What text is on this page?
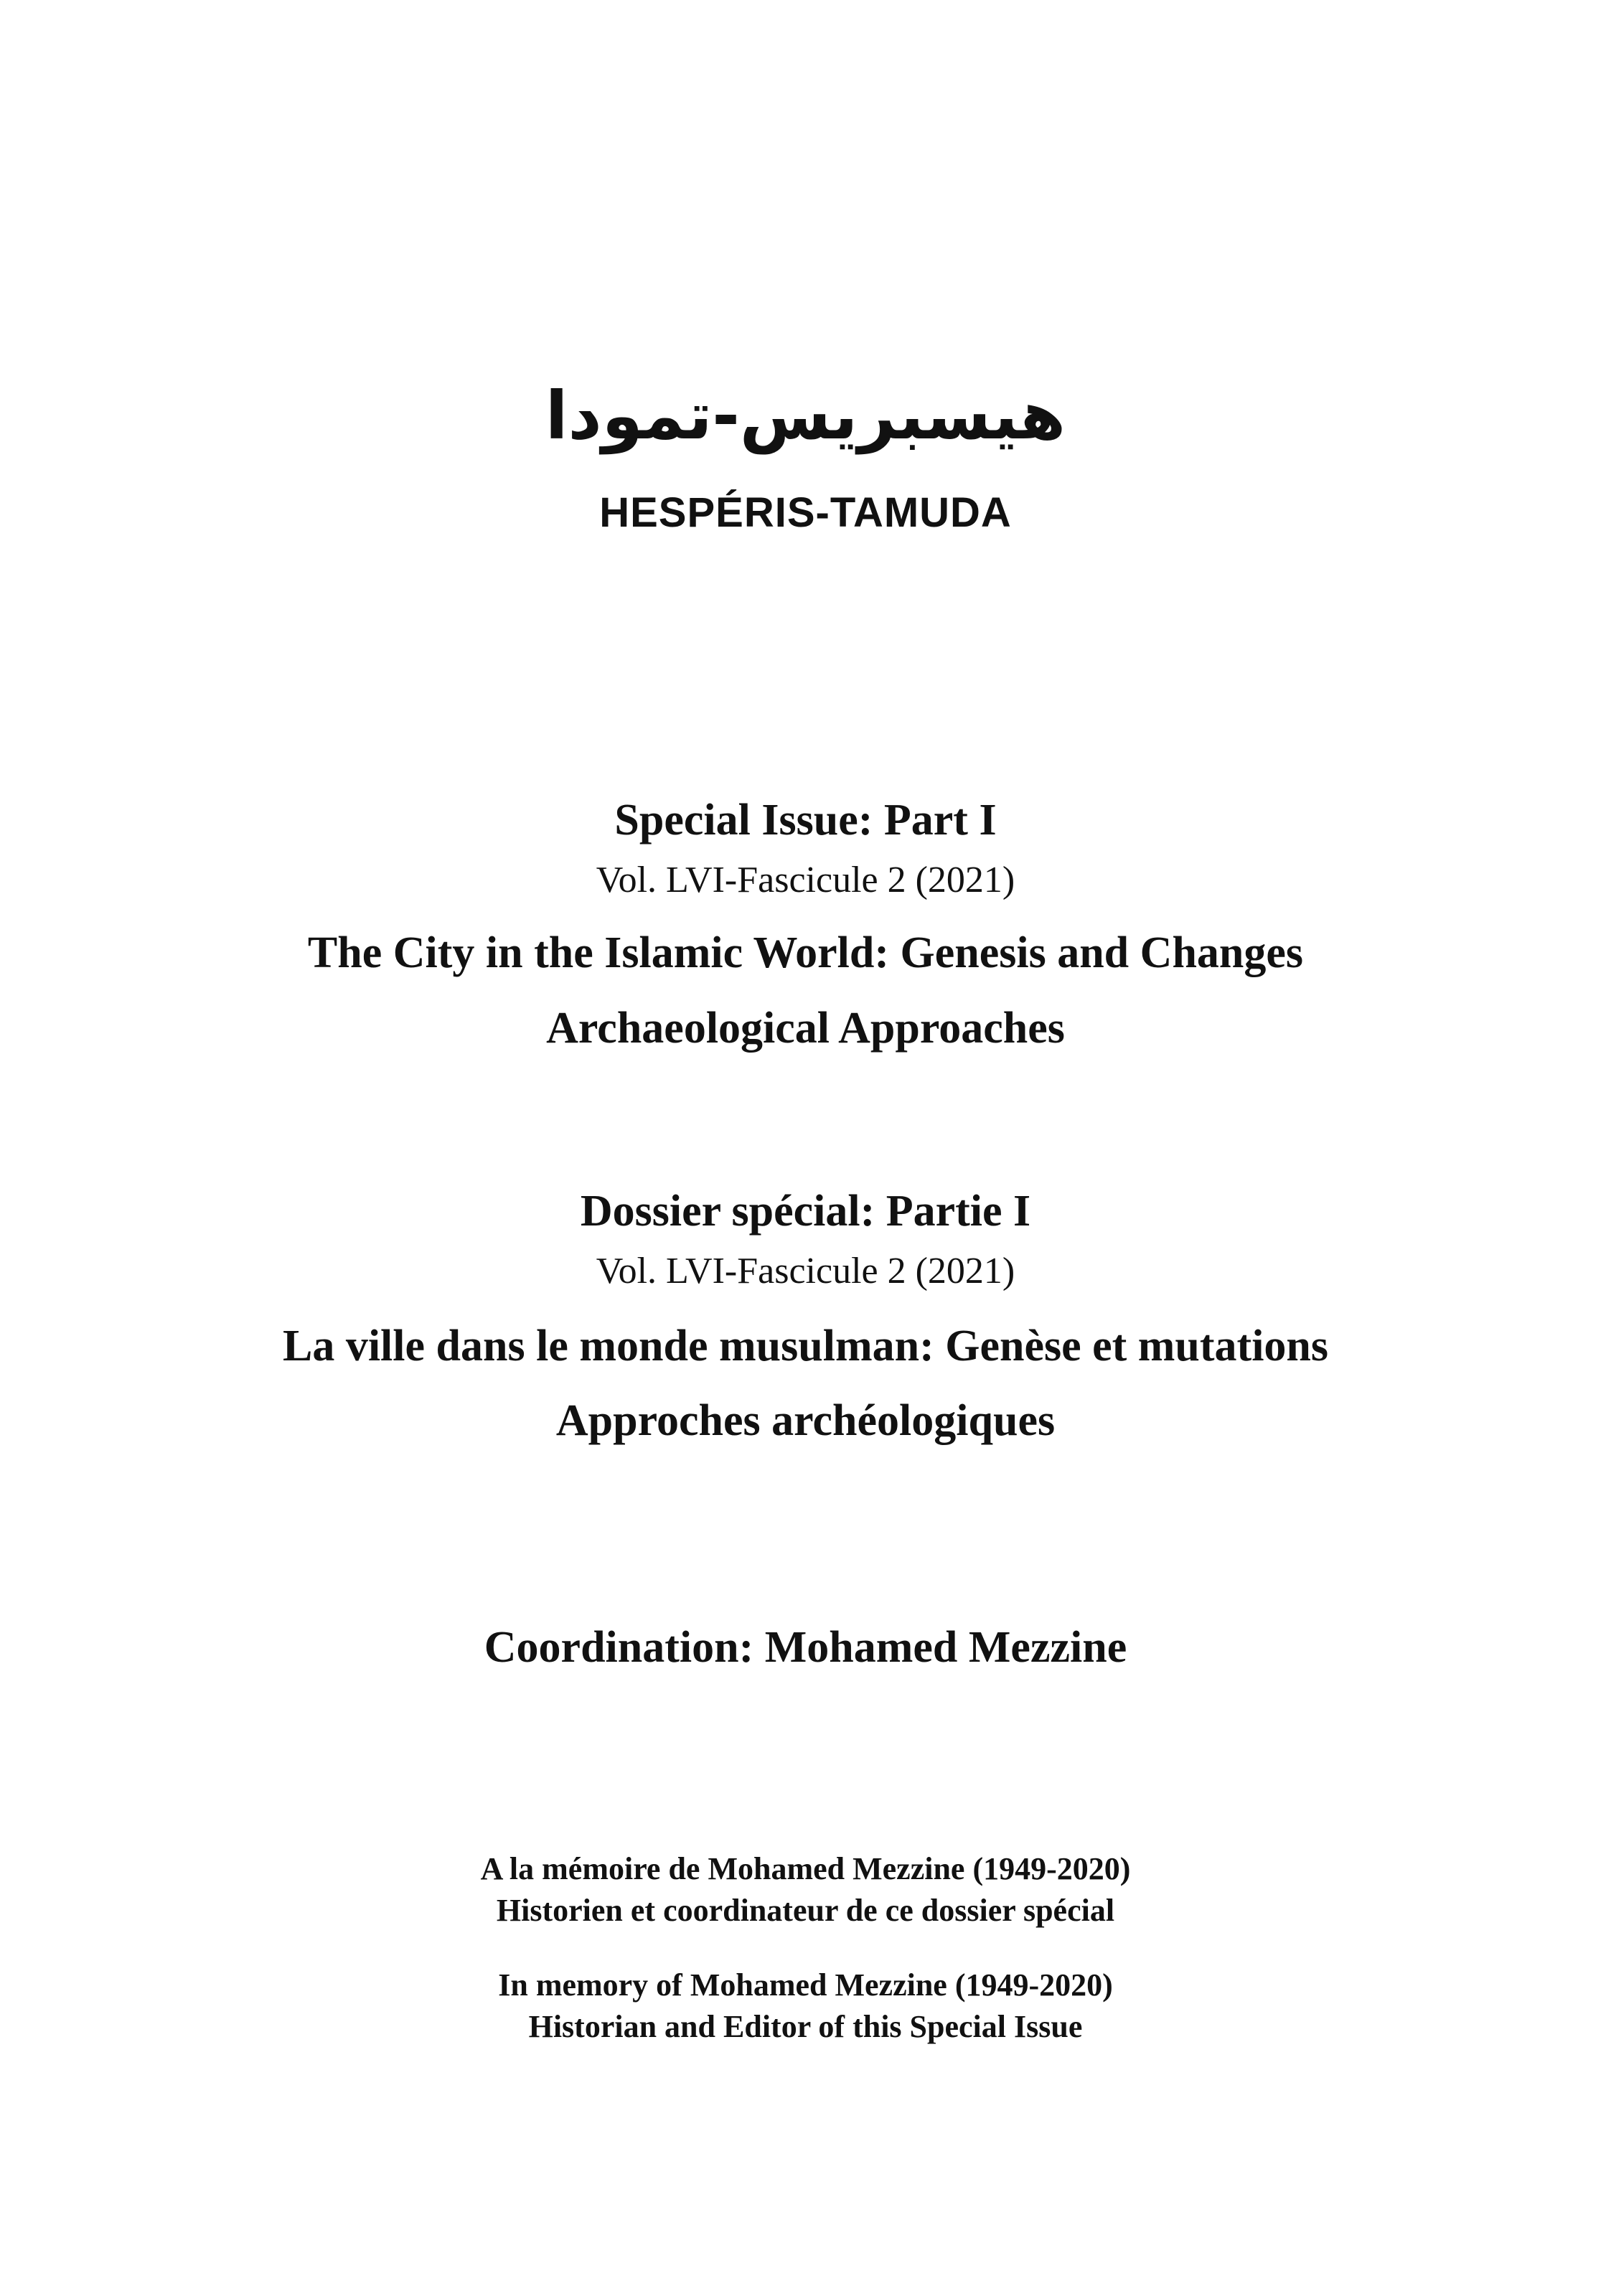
هيسبريس-تمودا
HESPÉRIS-TAMUDA
Special Issue: Part I
Vol. LVI-Fascicule 2 (2021)
The City in the Islamic World: Genesis and Changes
Archaeological Approaches
Dossier spécial: Partie I
Vol. LVI-Fascicule 2 (2021)
La ville dans le monde musulman: Genèse et mutations
Approches archéologiques
Coordination: Mohamed Mezzine
A la mémoire de Mohamed Mezzine (1949-2020)
Historien et coordinateur de ce dossier spécial
In memory of Mohamed Mezzine (1949-2020)
Historian and Editor of this Special Issue
